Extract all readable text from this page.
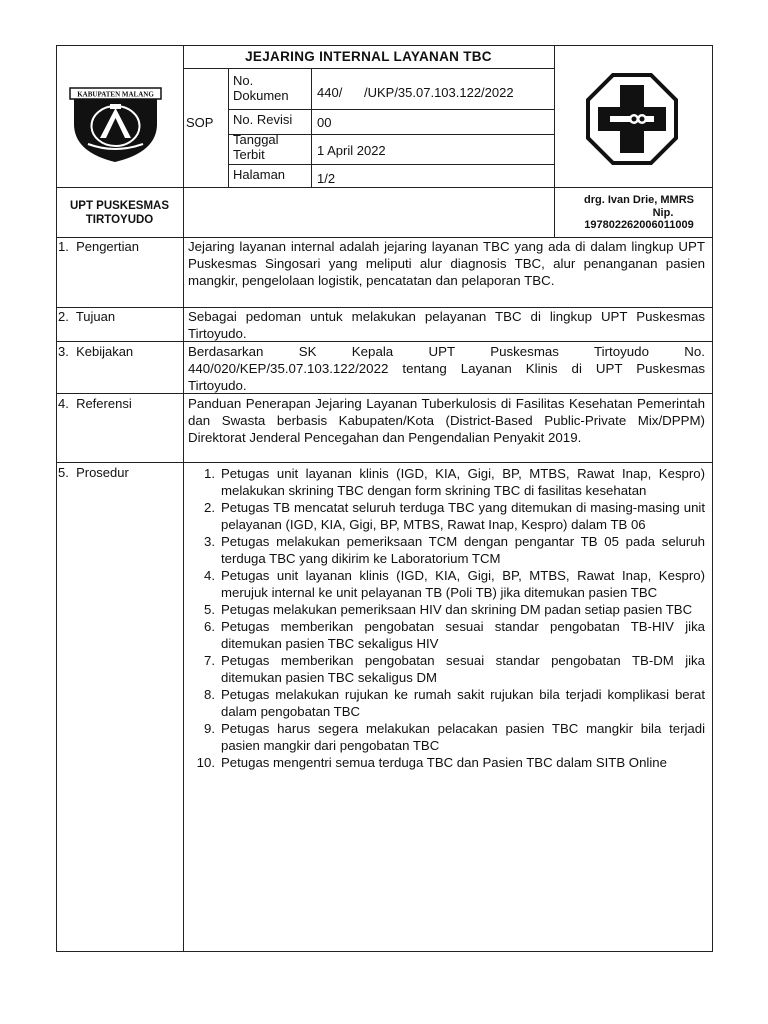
KABUPATEN MALANG
JEJARING INTERNAL LAYANAN TBC
SOP
No. Dokumen	440/      /UKP/35.07.103.122/2022
No. Revisi	00
Tanggal Terbit	1 April 2022
Halaman 1/2
UPT PUSKESMAS TIRTOYUDO
drg. Ivan Drie, MMRS
Nip.
197802262006011009
1.  Pengertian	Jejaring layanan internal adalah jejaring layanan TBC yang ada di dalam lingkup UPT Puskesmas Singosari yang meliputi alur diagnosis TBC, alur penanganan pasien mangkir, pengelolaan logistik, pencatatan dan pelaporan TBC.
2.  Tujuan	Sebagai pedoman untuk melakukan pelayanan TBC di lingkup UPT Puskesmas Tirtoyudo.
3.  Kebijakan	Berdasarkan SK Kepala UPT Puskesmas Tirtoyudo No. 440/020/KEP/35.07.103.122/2022 tentang Layanan Klinis di UPT Puskesmas Tirtoyudo.
4.  Referensi	Panduan Penerapan Jejaring Layanan Tuberkulosis di Fasilitas Kesehatan Pemerintah dan Swasta berbasis Kabupaten/Kota (District-Based Public-Private Mix/DPPM) Direktorat Jenderal Pencegahan dan Pengendalian Penyakit 2019.
5.  Prosedur	1. Petugas unit layanan klinis (IGD, KIA, Gigi, BP, MTBS, Rawat Inap, Kespro) melakukan skrining TBC dengan form skrining TBC di fasilitas kesehatan
2. Petugas TB mencatat seluruh terduga TBC yang ditemukan di masing-masing unit pelayanan (IGD, KIA, Gigi, BP, MTBS, Rawat Inap, Kespro) dalam TB 06
3. Petugas melakukan pemeriksaan TCM dengan pengantar TB 05 pada seluruh terduga TBC yang dikirim ke Laboratorium TCM
4. Petugas unit layanan klinis (IGD, KIA, Gigi, BP, MTBS, Rawat Inap, Kespro) merujuk internal ke unit pelayanan TB (Poli TB) jika ditemukan pasien TBC
5. Petugas melakukan pemeriksaan HIV dan skrining DM padan setiap pasien TBC
6. Petugas memberikan pengobatan sesuai standar pengobatan TB-HIV jika ditemukan pasien TBC sekaligus HIV
7. Petugas memberikan pengobatan sesuai standar pengobatan TB-DM jika ditemukan pasien TBC sekaligus DM
8. Petugas melakukan rujukan ke rumah sakit rujukan bila terjadi komplikasi berat dalam pengobatan TBC
9. Petugas harus segera melakukan pelacakan pasien TBC mangkir bila terjadi pasien mangkir dari pengobatan TBC
10. Petugas mengentri semua terduga TBC dan Pasien TBC dalam SITB Online
